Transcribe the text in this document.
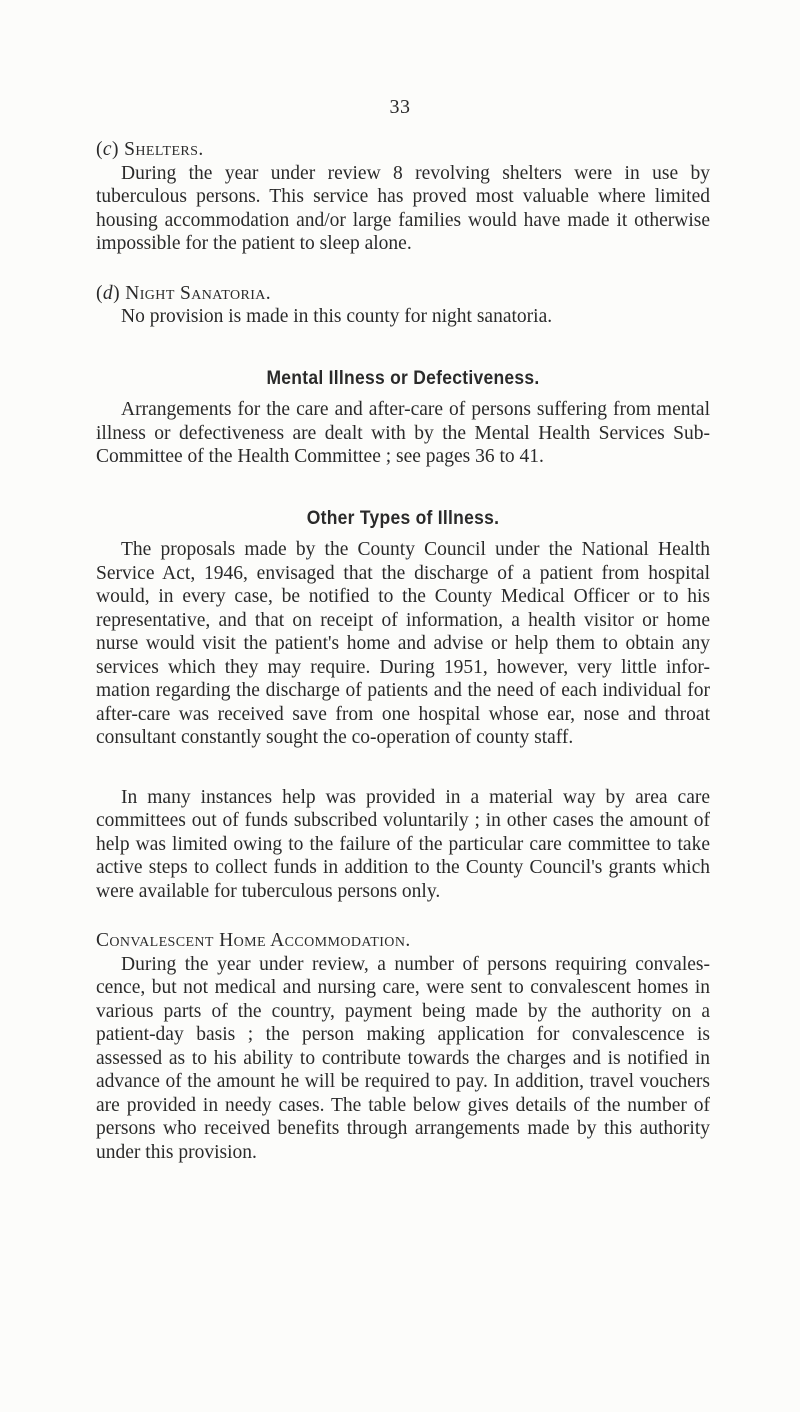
33
(c) Shelters.

During the year under review 8 revolving shelters were in use by tuberculous persons. This service has proved most valuable where limited housing accommodation and/or large families would have made it otherwise impossible for the patient to sleep alone.

(d) Night Sanatoria.

No provision is made in this county for night sanatoria.

Mental Illness or Defectiveness.

Arrangements for the care and after-care of persons suffering from mental illness or defectiveness are dealt with by the Mental Health Services Sub-Committee of the Health Committee ; see pages 36 to 41.

Other Types of Illness.

The proposals made by the County Council under the National Health Service Act, 1946, envisaged that the discharge of a patient from hospital would, in every case, be notified to the County Medical Officer or to his representative, and that on receipt of information, a health visitor or home nurse would visit the patient's home and advise or help them to obtain any services which they may require. During 1951, however, very little infor-mation regarding the discharge of patients and the need of each individual for after-care was received save from one hospital whose ear, nose and throat consultant constantly sought the co-operation of county staff.

In many instances help was provided in a material way by area care committees out of funds subscribed voluntarily ; in other cases the amount of help was limited owing to the failure of the particular care committee to take active steps to collect funds in addition to the County Council's grants which were available for tuberculous persons only.

Convalescent Home Accommodation.

During the year under review, a number of persons requiring convales-cence, but not medical and nursing care, were sent to convalescent homes in various parts of the country, payment being made by the authority on a patient-day basis ; the person making application for convalescence is assessed as to his ability to contribute towards the charges and is notified in advance of the amount he will be required to pay. In addition, travel vouchers are provided in needy cases. The table below gives details of the number of persons who received benefits through arrangements made by this authority under this provision.
